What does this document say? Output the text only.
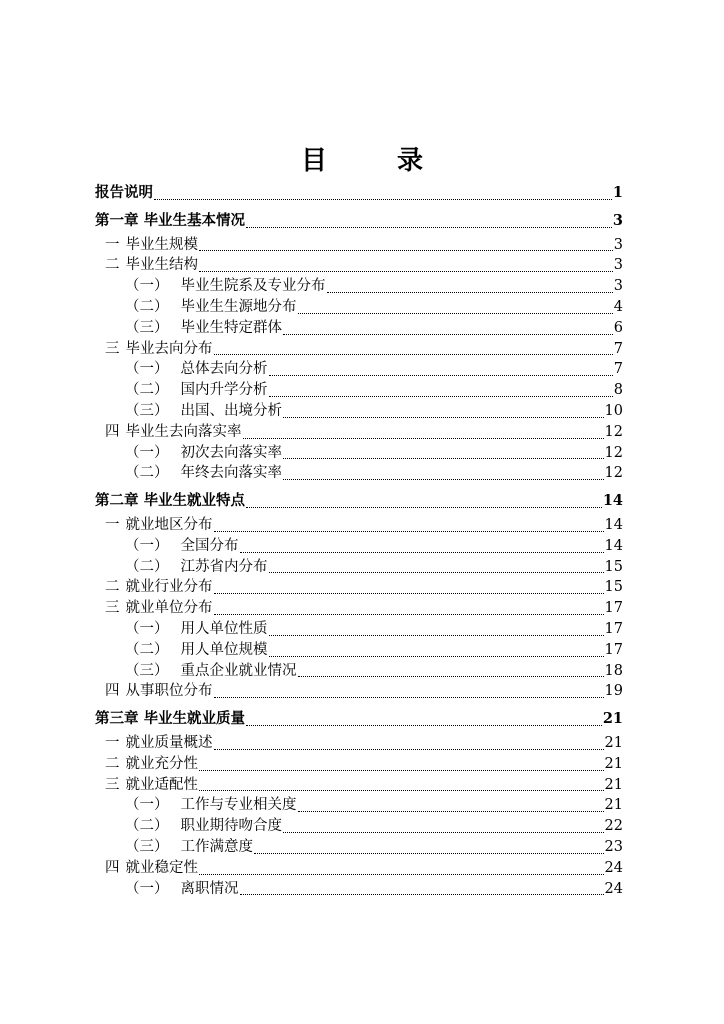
目　录
报告说明	1
第一章 毕业生基本情况	3
一 毕业生规模	3
二 毕业生结构	3
（一） 毕业生院系及专业分布	3
（二） 毕业生生源地分布	4
（三） 毕业生特定群体	6
三 毕业去向分布	7
（一） 总体去向分析	7
（二） 国内升学分析	8
（三） 出国、出境分析	10
四 毕业生去向落实率	12
（一） 初次去向落实率	12
（二） 年终去向落实率	12
第二章 毕业生就业特点	14
一 就业地区分布	14
（一） 全国分布	14
（二） 江苏省内分布	15
二 就业行业分布	15
三 就业单位分布	17
（一） 用人单位性质	17
（二） 用人单位规模	17
（三） 重点企业就业情况	18
四 从事职位分布	19
第三章 毕业生就业质量	21
一 就业质量概述	21
二 就业充分性	21
三 就业适配性	21
（一） 工作与专业相关度	21
（二） 职业期待吻合度	22
（三） 工作满意度	23
四 就业稳定性	24
（一） 离职情况	24
